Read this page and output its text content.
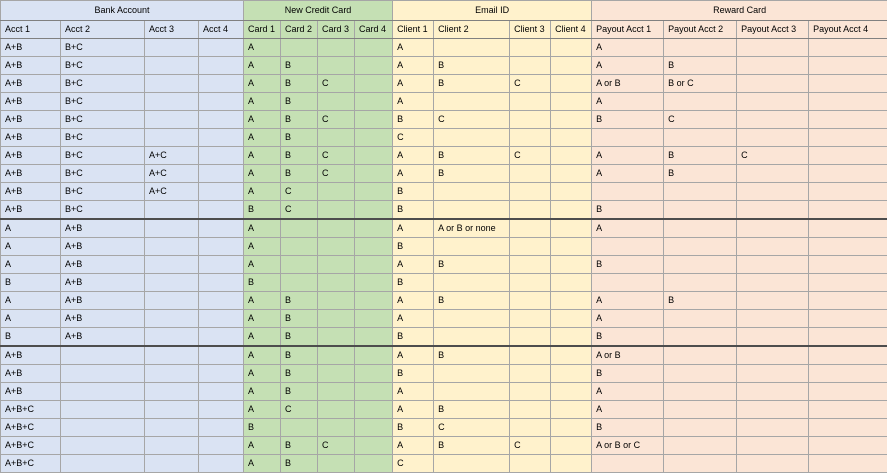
Bank Account				New Credit Card				Email ID				Reward Card			
Acct 1	Acct 2	Acct 3	Acct 4	Card 1	Card 2	Card 3	Card 4	Client 1	Client 2	Client 3	Client 4	Payout Acct 1	Payout Acct 2	Payout Acct 3	Payout Acct 4
A+B	B+C			A				A				A			
A+B	B+C			A	B			A	B			A	B		
A+B	B+C			A	B	C		A	B	C		A or B	B or C		
A+B	B+C			A	B			A				A			
A+B	B+C			A	B	C		B	C			B	C		
A+B	B+C			A	B			C							
A+B	B+C	A+C		A	B	C		A	B	C		A	B	C	
A+B	B+C	A+C		A	B	C		A	B			A	B		
A+B	B+C	A+C		A	C			B							
A+B	B+C			B	C			B				B			
A	A+B			A				A	A or B or none			A			
A	A+B			A				B							
A	A+B			A				A	B			B			
B	A+B			B				B							
A	A+B			A	B			A	B			A	B		
A	A+B			A	B			A				A			
B	A+B			A	B			B				B			
A+B				A	B			A	B			A or B			
A+B				A	B			B				B			
A+B				A	B			A				A			
A+B+C				A	C			A	B			A			
A+B+C				B				B	C			B			
A+B+C				A	B	C		A	B	C		A or B or C			
A+B+C				A	B			C							
